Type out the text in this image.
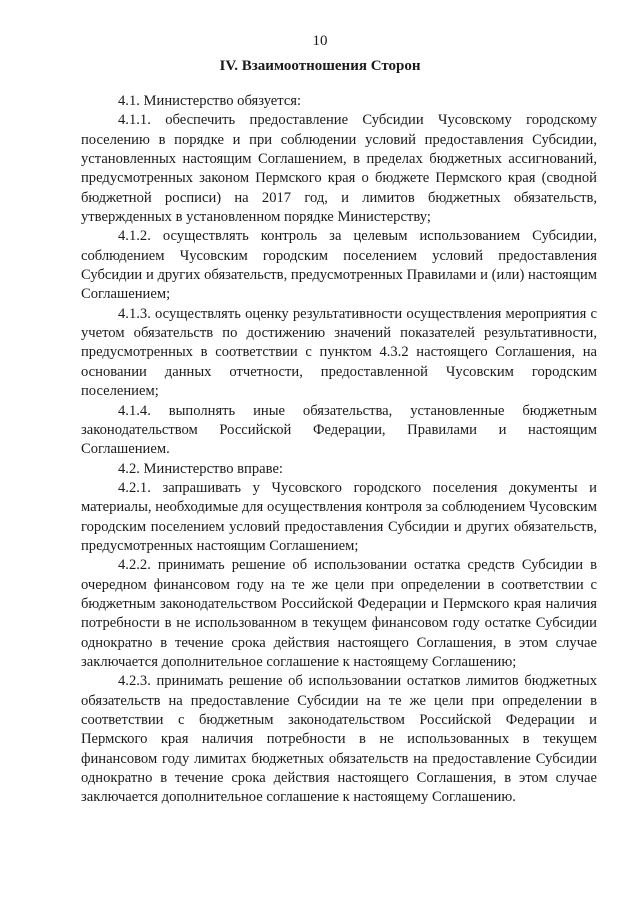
10
IV. Взаимоотношения Сторон

4.1. Министерство обязуется:

4.1.1. обеспечить предоставление Субсидии Чусовскому городскому поселению в порядке и при соблюдении условий предоставления Субсидии, установленных настоящим Соглашением, в пределах бюджетных ассигнований, предусмотренных законом Пермского края о бюджете Пермского края (сводной бюджетной росписи) на 2017 год, и лимитов бюджетных обязательств, утвержденных в установленном порядке Министерству;

4.1.2. осуществлять контроль за целевым использованием Субсидии, соблюдением Чусовским городским поселением условий предоставления Субсидии и других обязательств, предусмотренных Правилами и (или) настоящим Соглашением;

4.1.3. осуществлять оценку результативности осуществления мероприятия с учетом обязательств по достижению значений показателей результативности, предусмотренных в соответствии с пунктом 4.3.2 настоящего Соглашения, на основании данных отчетности, предоставленной Чусовским городским поселением;

4.1.4. выполнять иные обязательства, установленные бюджетным законодательством Российской Федерации, Правилами и настоящим Соглашением.

4.2. Министерство вправе:

4.2.1. запрашивать у Чусовского городского поселения документы и материалы, необходимые для осуществления контроля за соблюдением Чусовским городским поселением условий предоставления Субсидии и других обязательств, предусмотренных настоящим Соглашением;

4.2.2. принимать решение об использовании остатка средств Субсидии в очередном финансовом году на те же цели при определении в соответствии с бюджетным законодательством Российской Федерации и Пермского края наличия потребности в не использованном в текущем финансовом году остатке Субсидии однократно в течение срока действия настоящего Соглашения, в этом случае заключается дополнительное соглашение к настоящему Соглашению;

4.2.3. принимать решение об использовании остатков лимитов бюджетных обязательств на предоставление Субсидии на те же цели при определении в соответствии с бюджетным законодательством Российской Федерации и Пермского края наличия потребности в не использованных в текущем финансовом году лимитах бюджетных обязательств на предоставление Субсидии однократно в течение срока действия настоящего Соглашения, в этом случае заключается дополнительное соглашение к настоящему Соглашению.
